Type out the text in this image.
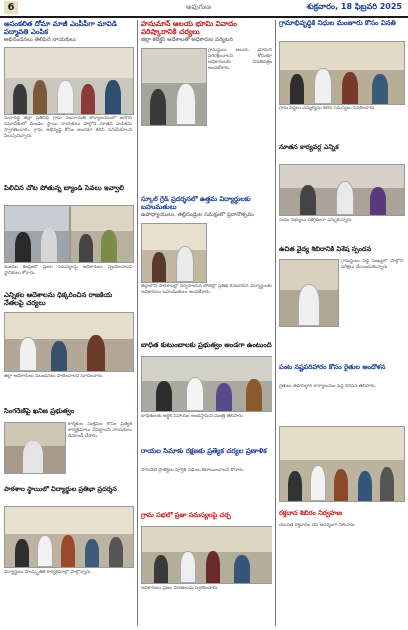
6	అవుగుణ	శుక్రవారం, 18 ఫిబ్రవరి 2025
అసంకలిత దోమా మాజీ ఎంపీపీగా మావిడి పద్మావతి ఎంపిక
అభినందనలు తెలిపిన నాయకులు
సంగారెడ్డి జిల్లా ప్రతినిధి గ్రామ పంచాయతీ కార్యాలయంలో జరిగిన సమావేశంలో మండల స్థాయి నాయకులు పాల్గొని నూతన ఎంపికను స్వాగతించారు. గ్రామ అభివృద్ధి కోసం అందరూ కలిసి పనిచేయాలని పిలుపునిచ్చారు.
పిలిచిన చోట పోతున్న బ్యాండ్ సేవలు ఇవ్వాలి
మండల కేంద్రంలో ప్రజల సమస్యలపై అధికారులు స్పందించాలని స్థానికులు కోరారు.
ఎన్నికల ఆదేశాలను ధిక్కరించిన రాజకీయ నేతలపై చర్యలు
జిల్లా అధికారులు నిబంధనలు పాటించాలని సూచించారు.
సింగరేణిపై ఖనిజ ప్రభుత్వం
కార్మికుల సంక్షేమం కోసం ప్రత్యేక కార్యక్రమాలు చేపట్టాలని నాయకులు డిమాండ్ చేశారు.
పాఠశాల స్థాయిలో విద్యార్థుల ప్రతిభా ప్రదర్శన
విద్యార్థులు సాంస్కృతిక కార్యక్రమాల్లో పాల్గొన్నారు.
హనుమాన్ ఆలయ భూమి వివాదం పరిష్కారానికి చర్యలు
జిల్లా కలెక్టర్ ఆదేశాలతో అధికారుల పర్యటన
గ్రామస్థులు ఆలయ భూమిని పరిరక్షించాలని కోరుతూ అధికారులకు వినతిపత్రం అందజేశారు.
స్కూల్ గ్రేడ్ ప్రదర్శనలో ఉత్తమ విద్యార్థులకు బహుమతులు
ఉపాధ్యాయులు, తల్లిదండ్రుల సమక్షంలో ప్రదానోత్సవం
జిల్లాలోని పాఠశాలల్లో నిర్వహించిన పోటీల్లో ప్రతిభ కనబరిచిన విద్యార్థులకు అధికారులు బహుమతులు అందజేశారు.
బాధిత కుటుంబాలకు ప్రభుత్వం అండగా ఉంటుంది
బాధితులకు ఆర్థిక సహాయం అందిస్తామని మంత్రి తెలిపారు.
రాయల సీమాకు రక్షణకు ప్రత్యేక చర్యల ప్రణాళిక
సాగునీటి ప్రాజెక్టుల పూర్తికి నిధులు కేటాయించాలని కోరారు.
గ్రామ సభలో ప్రజా సమస్యలపై చర్చ
అధికారులు ప్రజల వినతులను స్వీకరించారు.
గ్రామాభివృద్ధికి నిధుల మంజూరు కోసం వినతి
గ్రామ పెద్దలు ఎమ్మెల్యేను కలిసి సమస్యలు వివరించారు.
నూతన కార్యవర్గ ఎన్నిక
సంఘ సభ్యులు ఏకగ్రీవంగా ఎన్నుకున్నారు.
ఉచిత వైద్య శిబిరానికి విశేష స్పందన
గ్రామస్థులు పెద్ద సంఖ్యలో పాల్గొని పరీక్షలు చేయించుకున్నారు.
పంట నష్టపరిహారం కోసం రైతుల ఆందోళన
రైతులు తహసీల్దార్ కార్యాలయం వద్ద నిరసన తెలిపారు.
రక్తదాన శిబిరం నిర్వహణ
యువత రక్తదానం చేసి ఆదర్శంగా నిలిచారు.
